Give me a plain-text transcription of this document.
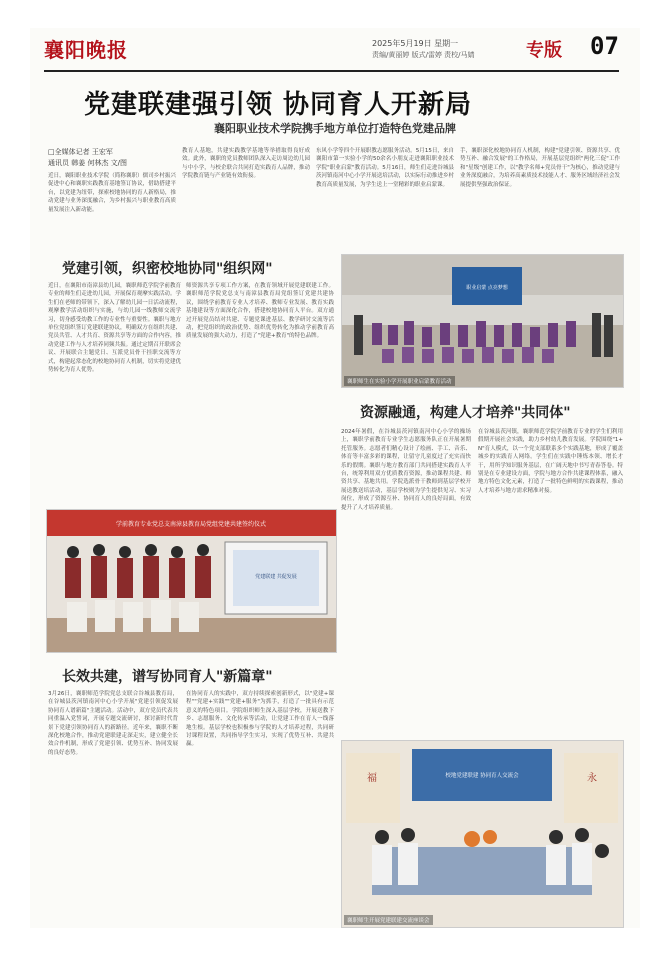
襄阳晚报	2025年5月19日 星期一
责编/黄丽婷 版式/雷婷 责校/马婧	专版 07
党建联建强引领 协同育人开新局
襄阳职业技术学院携手地方单位打造特色党建品牌
□全媒体记者 王宏军
通讯员 韩姜 何林杰 文/图
近日，襄阳职业技术学院（简称襄职）儒司乡村振兴促进中心和襄职实践教育基地签订协议，借助搭建平台，以党建为纽带，探索校地协同的育人新格局，推动党建与业务深度融合，为乡村振兴与职业教育高质量发展注入新动能。
教育人基地，共建实践教学基地等举措取得良好成效。此外，襄职的党员教师团队深入走访周边幼儿园与中小学，与校企联合共同打造实践育人品牌，推动学院教育链与产业链有效衔接。
东风小学等四个开展职教志愿服务活动。5月15日，来自襄阳市第一实验小学的50余名小朋友走进襄阳职业技术学院"职业启蒙"教育活动。5月16日，师生们走进谷城县茨河镇南河中心小学开展送培活动，以实际行动推进乡村教育高质量发展，为学生送上一堂精彩的职业启蒙课。
手，襄职深化校地协同育人机制，构建"党建引领、资源共享、优势互补、融合发展"的工作格局，开展基层党组织"两化三促"工作和"星级"创建工作，以"教学名师+党员骨干"为核心，推动党建与业务深度融合，为培养高素质技术技能人才、服务区域经济社会发展提供坚强政治保证。
党建引领，织密校地协同"组织网"
近日，在襄阳市南漳县幼儿园，襄职师范学院学前教育专业的师生们走进幼儿园，开展保育观摩实践活动。学生们在老师的带领下，深入了解幼儿园一日活动流程，观摩教学活动组织与实施，与幼儿园一线教师交流学习，切身感受幼教工作的专业性与重要性。襄职与地方单位党组织签订党建联建协议，明确双方在组织共建、党员共管、人才共育、资源共享等方面的合作内容，推动党建工作与人才培养同频共振。通过定期召开联席会议、开展联合主题党日、互派党员骨干挂职交流等方式，构建起常态化的校地协同育人机制，切实将党建优势转化为育人优势。
师资源共享专项工作方案，在教育领域开展党建联建工作。襄职师范学院党总支与南漳县教育局党组签订党建共建协议，围绕学前教育专业人才培养、教师专业发展、教育实践基地建设等方面深化合作，搭建校地协同育人平台。双方通过开展党员结对共建、专题党课进基层、教学研讨交流等活动，把党组织的政治优势、组织优势转化为推动学前教育高质量发展的强大动力，打造了"党建+教育"的特色品牌。
职业启蒙 点亮梦想
襄职师生在实验小学开展职业启蒙教育活动
资源融通，构建人才培养"共同体"
2024年暑假，在谷城县茨河镇南河中心小学的操场上，襄职学前教育专业学生志愿服务队正在开展暑期托管服务。志愿者们精心设计了绘画、手工、音乐、体育等丰富多彩的课程，让留守儿童度过了充实而快乐的假期。襄职与地方教育部门共同搭建实践育人平台，统筹利用双方优质教育资源，推动课程共建、师资共享、基地共用。学院选派骨干教师到基层学校开展送教送培活动，基层学校则为学生提供见习、实习岗位，形成了资源互补、协同育人的良好局面，有效提升了人才培养质量。
在谷城县茨河镇，襄职师范学院学前教育专业的学生们利用假期开展社会实践，助力乡村幼儿教育发展。学院围绕"1+N"育人模式，以一个党支部联系多个实践基地，形成了覆盖城乡的实践育人网络。学生们在实践中锤炼本领、增长才干，用所学知识服务基层，在广阔天地中书写青春答卷。特别是在专业建设方面，学院与地方合作共建课程体系，融入地方特色文化元素，打造了一批特色鲜明的实践课程，推动人才培养与地方需求精准对接。
学前教育专业党总支南漳县教育局党组党建共建签约仪式
党建联建 共促发展
长效共建，谱写协同育人"新篇章"
3月26日，襄职师范学院党总支联合谷城县教育局，在谷城县茨河镇南河中心小学开展"党建引领促发展 协同育人谱新篇"主题活动。活动中，双方党员代表共同重温入党誓词，开展专题交流研讨，探讨新时代背景下党建引领协同育人的新路径。近年来，襄职不断深化校地合作，推动党建联建走深走实，建立健全长效合作机制，形成了党建引领、优势互补、协同发展的良好态势。
在协同育人的实践中，双方持续探索创新形式，以"党建+课程""党建+实践""党建+服务"为抓手，打造了一批具有示范意义的特色项目。学院组织师生深入基层学校，开展送教下乡、志愿服务、文化传承等活动，让党建工作在育人一线落地生根。基层学校也积极参与学院的人才培养过程，共同研讨课程设置，共同指导学生实习，实现了优势互补、共建共赢。
校地党建联建 协同育人交流会
福	永
襄职师生开展党建联建交流座谈会
